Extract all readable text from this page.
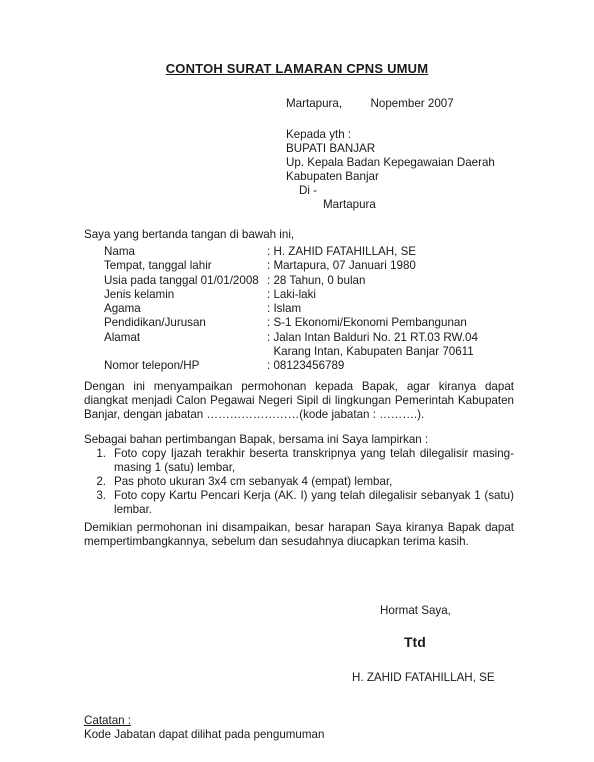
CONTOH SURAT LAMARAN CPNS UMUM
Martapura, Nopember 2007
Kepada yth :
BUPATI BANJAR
Up. Kepala Badan Kepegawaian Daerah
Kabupaten Banjar
Di -
Martapura
Saya yang bertanda tangan di bawah ini,
Nama	: H. ZAHID FATAHILLAH, SE
Tempat, tanggal lahir	: Martapura, 07 Januari 1980
Usia pada tanggal 01/01/2008 : 28 Tahun, 0 bulan
Jenis kelamin	: Laki-laki
Agama	: Islam
Pendidikan/Jurusan	: S-1 Ekonomi/Ekonomi Pembangunan
Alamat	: Jalan Intan Balduri No. 21 RT.03 RW.04
Karang Intan, Kabupaten Banjar 70611
Nomor telepon/HP	: 08123456789
Dengan ini menyampaikan permohonan kepada Bapak, agar kiranya dapat diangkat menjadi Calon Pegawai Negeri Sipil di lingkungan Pemerintah Kabupaten Banjar, dengan jabatan ……………………(kode jabatan : ……….).
Sebagai bahan pertimbangan Bapak, bersama ini Saya lampirkan :
1. Foto copy Ijazah terakhir beserta transkripnya yang telah dilegalisir masing-masing 1 (satu) lembar,
2. Pas photo ukuran 3x4 cm sebanyak 4 (empat) lembar,
3. Foto copy Kartu Pencari Kerja (AK. I) yang telah dilegalisir sebanyak 1 (satu) lembar.
Demikian permohonan ini disampaikan, besar harapan Saya kiranya Bapak dapat mempertimbangkannya, sebelum dan sesudahnya diucapkan terima kasih.
Hormat Saya,
Ttd
H. ZAHID FATAHILLAH, SE
Catatan :
Kode Jabatan dapat dilihat pada pengumuman
